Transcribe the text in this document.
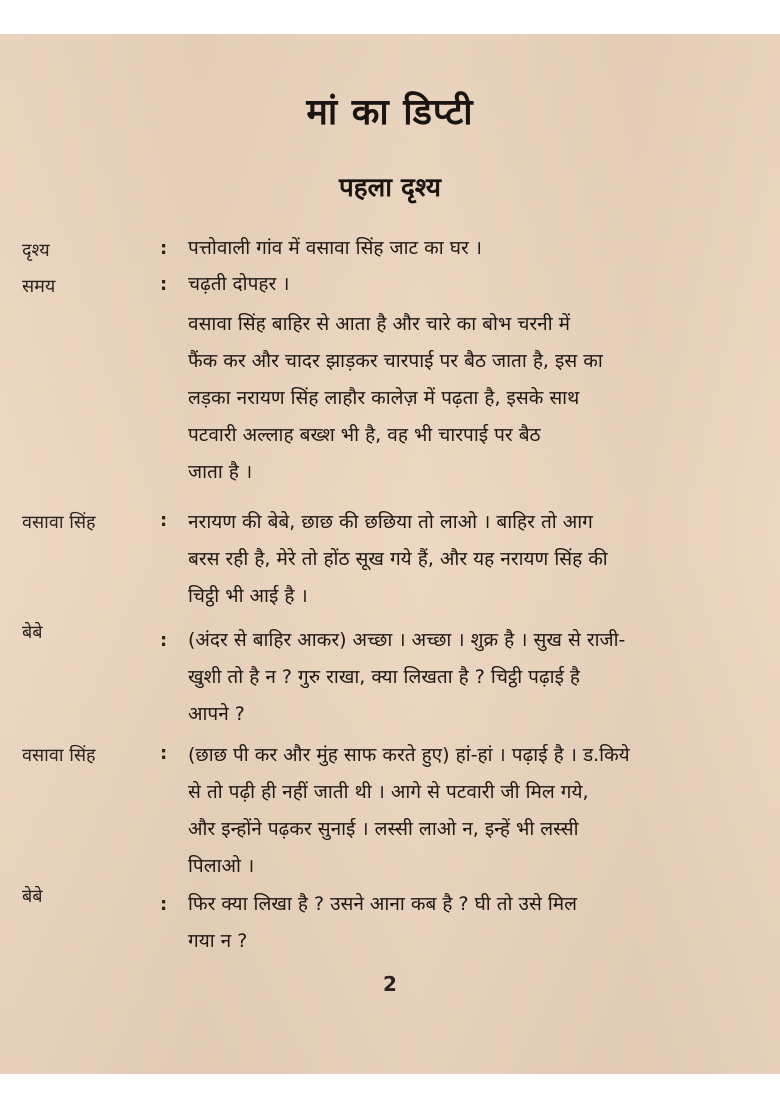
मां का डिप्टी
पहला दृश्य
दृश्य	: पत्तोवाली गांव में वसावा सिंह जाट का घर ।
समय	: चढ़ती दोपहर ।
वसावा सिंह बाहिर से आता है और चारे का बोभ चरनी में
फैंक कर और चादर झाड़कर चारपाई पर बैठ जाता है, इस का
लड़का नरायण सिंह लाहौर कालेज़ में पढ़ता है, इसके साथ
पटवारी अल्लाह बख्श भी है, वह भी चारपाई पर बैठ
जाता है ।
वसावा सिंह	: नरायण की बेबे, छाछ की छछिया तो लाओ । बाहिर तो आग
बरस रही है, मेरे तो होंठ सूख गये हैं, और यह नरायण सिंह की
चिट्ठी भी आई है ।
बेबे	: (अंदर से बाहिर आकर) अच्छा । अच्छा । शुक्र है । सुख से राजी-
खुशी तो है न ? गुरु राखा, क्या लिखता है ? चिट्ठी पढ़ाई है
आपने ?
वसावा सिंह	: (छाछ पी कर और मुंह साफ करते हुए) हां-हां । पढ़ाई है । ड.किये
से तो पढ़ी ही नहीं जाती थी । आगे से पटवारी जी मिल गये,
और इन्होंने पढ़कर सुनाई । लस्सी लाओ न, इन्हें भी लस्सी
पिलाओ ।
बेबे	: फिर क्या लिखा है ? उसने आना कब है ? घी तो उसे मिल
गया न ?
2
